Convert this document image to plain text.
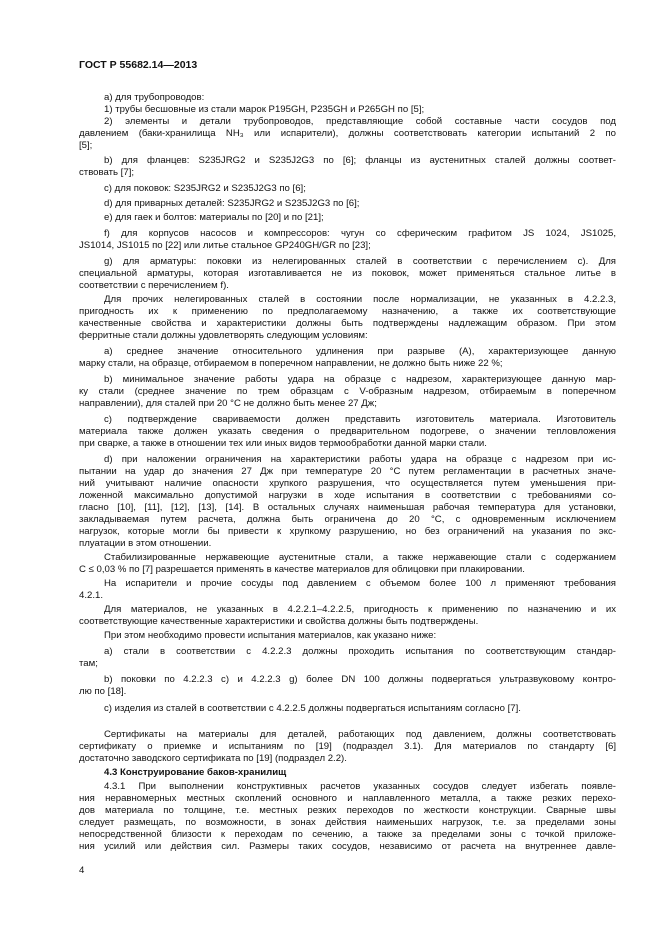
ГОСТ Р 55682.14—2013
а) для трубопроводов:
1) трубы бесшовные из стали марок P195GH, P235GH и P265GH по [5];
2) элементы и детали трубопроводов, представляющие собой составные части сосудов под
давлением (баки-хранилища NH₃ или испарители), должны соответствовать категории испытаний 2 по
[5];
b) для фланцев: S235JRG2 и S235J2G3 по [6]; фланцы из аустенитных сталей должны соответ-
ствовать [7];
c) для поковок: S235JRG2 и S235J2G3 по [6];
d) для приварных деталей: S235JRG2 и S235J2G3 по [6];
e) для гаек и болтов: материалы по [20] и по [21];
f) для корпусов насосов и компрессоров: чугун со сферическим графитом JS 1024, JS1025,
JS1014, JS1015 по [22] или литье стальное GP240GH/GR по [23];
g) для арматуры: поковки из нелегированных сталей в соответствии с перечислением с). Для
специальной арматуры, которая изготавливается не из поковок, может применяться стальное литье в
соответствии с перечислением f).
Для прочих нелегированных сталей в состоянии после нормализации, не указанных в 4.2.2.3,
пригодность их к применению по предполагаемому назначению, а также их соответствующие
качественные свойства и характеристики должны быть подтверждены надлежащим образом. При этом
ферритные стали должны удовлетворять следующим условиям:
а) среднее значение относительного удлинения при разрыве (A), характеризующее данную
марку стали, на образце, отбираемом в поперечном направлении, не должно быть ниже 22 %;
b) минимальное значение работы удара на образце с надрезом, характеризующее данную мар-
ку стали (среднее значение по трем образцам с V-образным надрезом, отбираемым в поперечном
направлении), для сталей при 20 °С не должно быть менее 27 Дж;
с) подтверждение свариваемости должен представить изготовитель материала. Изготовитель
материала также должен указать сведения о предварительном подогреве, о значении тепловложения
при сварке, а также в отношении тех или иных видов термообработки данной марки стали.
d) при наложении ограничения на характеристики работы удара на образце с надрезом при ис-
пытании на удар до значения 27 Дж при температуре 20 °С путем регламентации в расчетных значе-
ний учитывают наличие опасности хрупкого разрушения, что осуществляется путем уменьшения при-
ложенной максимально допустимой нагрузки в ходе испытания в соответствии с требованиями со-
гласно [10], [11], [12], [13], [14]. В остальных случаях наименьшая рабочая температура для установки,
закладываемая путем расчета, должна быть ограничена до 20 °С, с одновременным исключением
нагрузок, которые могли бы привести к хрупкому разрушению, но без ограничений на указания по экс-
плуатации в этом отношении.
Стабилизированные нержавеющие аустенитные стали, а также нержавеющие стали с содержанием
C ≤ 0,03 % по [7] разрешается применять в качестве материалов для облицовки при плакировании.
На испарители и прочие сосуды под давлением с объемом более 100 л применяют требования
4.2.1.
Для материалов, не указанных в 4.2.2.1–4.2.2.5, пригодность к применению по назначению и их
соответствующие качественные характеристики и свойства должны быть подтверждены.
При этом необходимо провести испытания материалов, как указано ниже:
а) стали в соответствии с 4.2.2.3 должны проходить испытания по соответствующим стандар-
там;
b) поковки по 4.2.2.3 с) и 4.2.2.3 g) более DN 100 должны подвергаться ультразвуковому контро-
лю по [18].
с) изделия из сталей в соответствии с 4.2.2.5 должны подвергаться испытаниям согласно [7].
Сертификаты на материалы для деталей, работающих под давлением, должны соответствовать
сертификату о приемке и испытаниям по [19] (подраздел 3.1). Для материалов по стандарту [6]
достаточно заводского сертификата по [19] (подраздел 2.2).
4.3 Конструирование баков-хранилищ
4.3.1 При выполнении конструктивных расчетов указанных сосудов следует избегать появле-
ния неравномерных местных скоплений основного и наплавленного металла, а также резких перехо-
дов материала по толщине, т.е. местных резких переходов по жесткости конструкции. Сварные швы
следует размещать, по возможности, в зонах действия наименьших нагрузок, т.е. за пределами зоны
непосредственной близости к переходам по сечению, а также за пределами зоны с точкой приложе-
ния усилий или действия сил. Размеры таких сосудов, независимо от расчета на внутреннее давле-
4
